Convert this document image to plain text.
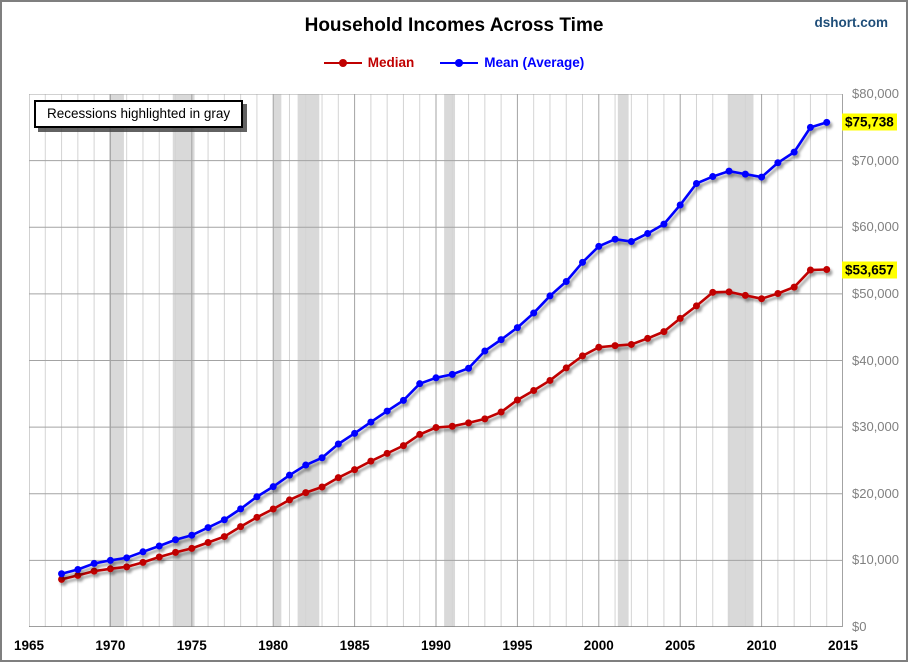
Household Incomes Across Time	dshort.com
Median	Mean (Average)
Recessions highlighted in gray
$75,738
$53,657
1965	1970	1975	1980	1985	1990	1995	2000	2005	2010	2015
$0
$10,000
$20,000
$30,000
$40,000
$50,000
$60,000
$70,000
$80,000
